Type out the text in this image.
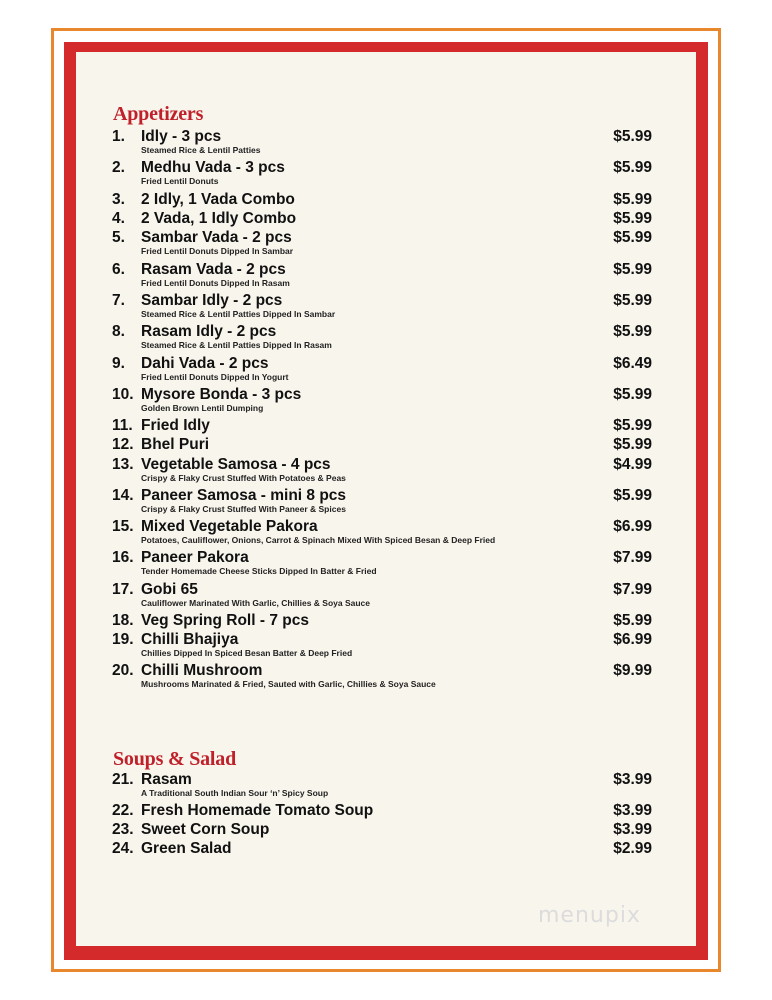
Appetizers
1.	Idly - 3 pcs	$5.99
Steamed Rice & Lentil Patties
2.	Medhu Vada - 3 pcs	$5.99
Fried Lentil Donuts
3.	2 Idly, 1 Vada Combo	$5.99
4.	2 Vada, 1 Idly Combo	$5.99
5.	Sambar Vada - 2 pcs	$5.99
Fried Lentil Donuts Dipped In Sambar
6.	Rasam Vada - 2 pcs	$5.99
Fried Lentil Donuts Dipped In Rasam
7.	Sambar Idly - 2 pcs	$5.99
Steamed Rice & Lentil Patties Dipped In Sambar
8.	Rasam Idly - 2 pcs	$5.99
Steamed Rice & Lentil Patties Dipped In Rasam
9.	Dahi Vada - 2 pcs	$6.49
Fried Lentil Donuts Dipped In Yogurt
10. Mysore Bonda - 3 pcs	$5.99
Golden Brown Lentil Dumping
11. Fried Idly	$5.99
12. Bhel Puri	$5.99
13. Vegetable Samosa - 4 pcs	$4.99
Crispy & Flaky Crust Stuffed With Potatoes & Peas
14. Paneer Samosa - mini 8 pcs	$5.99
Crispy & Flaky Crust Stuffed With Paneer & Spices
15. Mixed Vegetable Pakora	$6.99
Potatoes, Cauliflower, Onions, Carrot & Spinach Mixed With Spiced Besan & Deep Fried
16. Paneer Pakora	$7.99
Tender Homemade Cheese Sticks Dipped In Batter & Fried
17. Gobi 65	$7.99
Cauliflower Marinated With Garlic, Chillies & Soya Sauce
18. Veg Spring Roll - 7 pcs	$5.99
19. Chilli Bhajiya	$6.99
Chillies Dipped In Spiced Besan Batter & Deep Fried
20. Chilli Mushroom	$9.99
Mushrooms Marinated & Fried, Sauted with Garlic, Chillies & Soya Sauce
Soups & Salad
21. Rasam	$3.99
A Traditional South Indian Sour ‘n’ Spicy Soup
22. Fresh Homemade Tomato Soup	$3.99
23. Sweet Corn Soup	$3.99
24. Green Salad	$2.99
menupix
